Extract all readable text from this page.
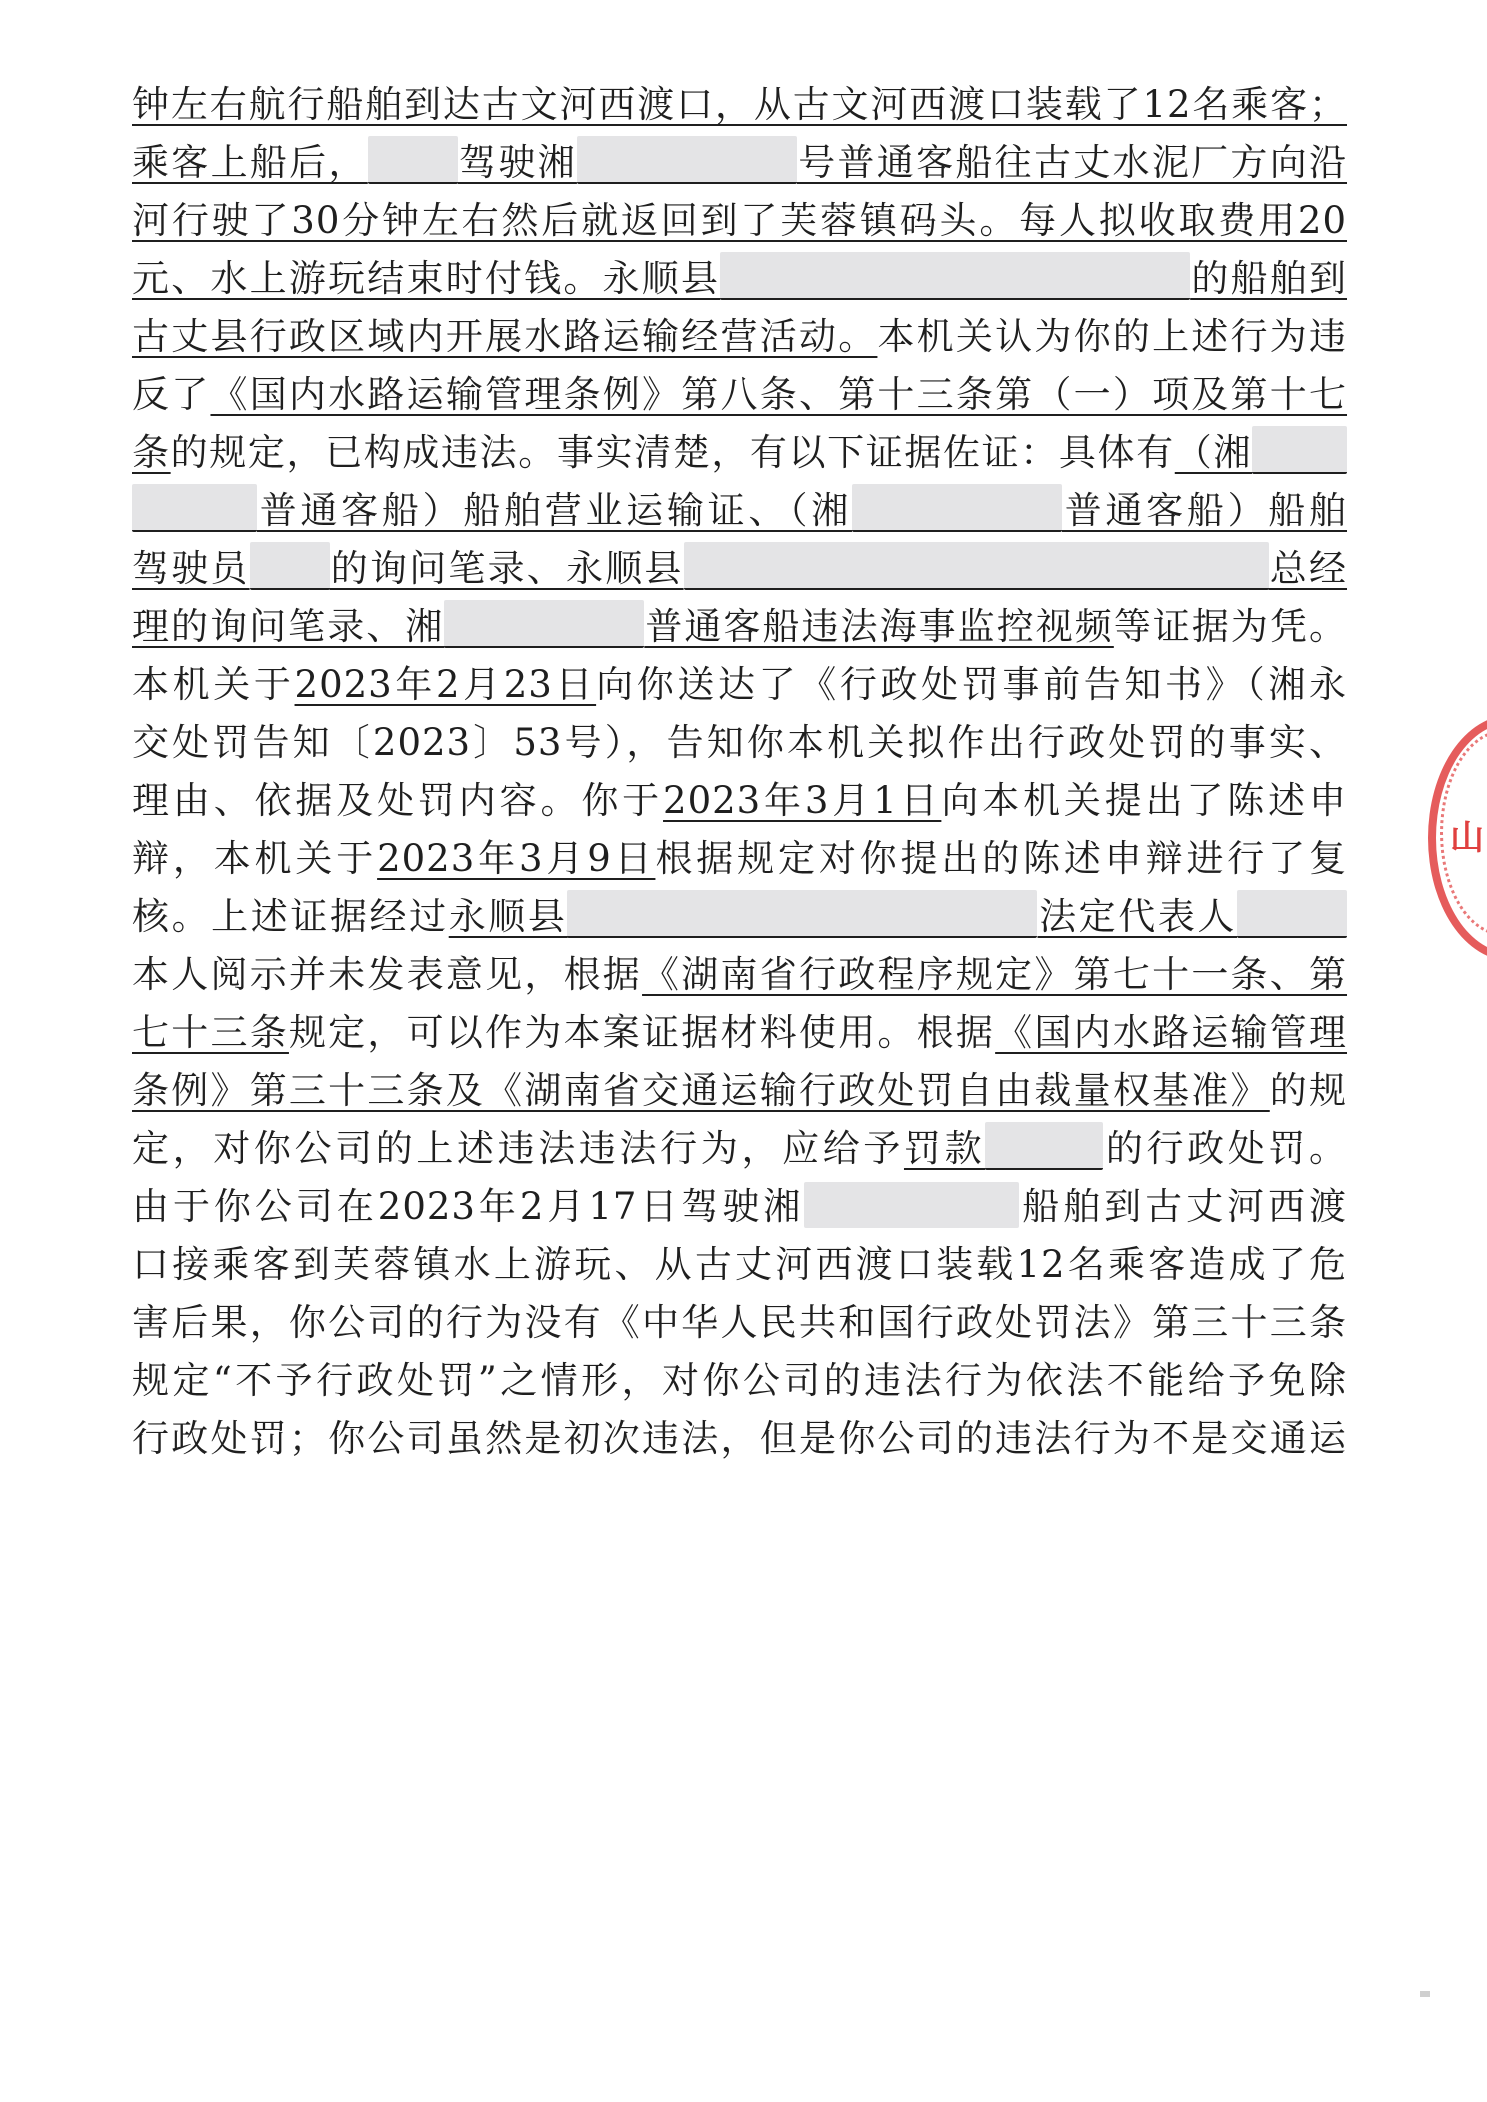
钟左右航行船舶到达古文河西渡口，从古文河西渡口装载了12名乘客；
乘客上船后， 驾驶湘	号普通客船往古丈水泥厂方向沿
河行驶了30分钟左右然后就返回到了芙蓉镇码头。每人拟收取费用20
元、水上游玩结束时付钱。永顺县	的船舶到
古丈县行政区域内开展水路运输经营活动。本机关认为你的上述行为违
反了《国内水路运输管理条例》第八条、第十三条第（一）项及第十七
条的规定，已构成违法。事实清楚，有以下证据佐证：具体有（湘
普通客船）船舶营业运输证、（湘	普通客船）船舶
驾驶员 的询问笔录、永顺县	总经
理的询问笔录、湘	普通客船违法海事监控视频等证据为凭。
本机关于2023年2月23日向你送达了《行政处罚事前告知书》（湘永
交处罚告知〔2023〕53号），告知你本机关拟作出行政处罚的事实、
理由、依据及处罚内容。你于2023年3月1日向本机关提出了陈述申
辩，本机关于2023年3月9日根据规定对你提出的陈述申辩进行了复
核。上述证据经过永顺县	法定代表人
本人阅示并未发表意见，根据《湖南省行政程序规定》第七十一条、第
七十三条规定，可以作为本案证据材料使用。根据《国内水路运输管理
条例》第三十三条及《湖南省交通运输行政处罚自由裁量权基准》的规
定，对你公司的上述违法违法行为，应给予罚款	的行政处罚。
由于你公司在2023年2月17日驾驶湘	船舶到古丈河西渡
口接乘客到芙蓉镇水上游玩、从古丈河西渡口装载12名乘客造成了危
害后果，你公司的行为没有《中华人民共和国行政处罚法》第三十三条
规定“不予行政处罚”之情形，对你公司的违法行为依法不能给予免除
行政处罚；你公司虽然是初次违法，但是你公司的违法行为不是交通运
山
